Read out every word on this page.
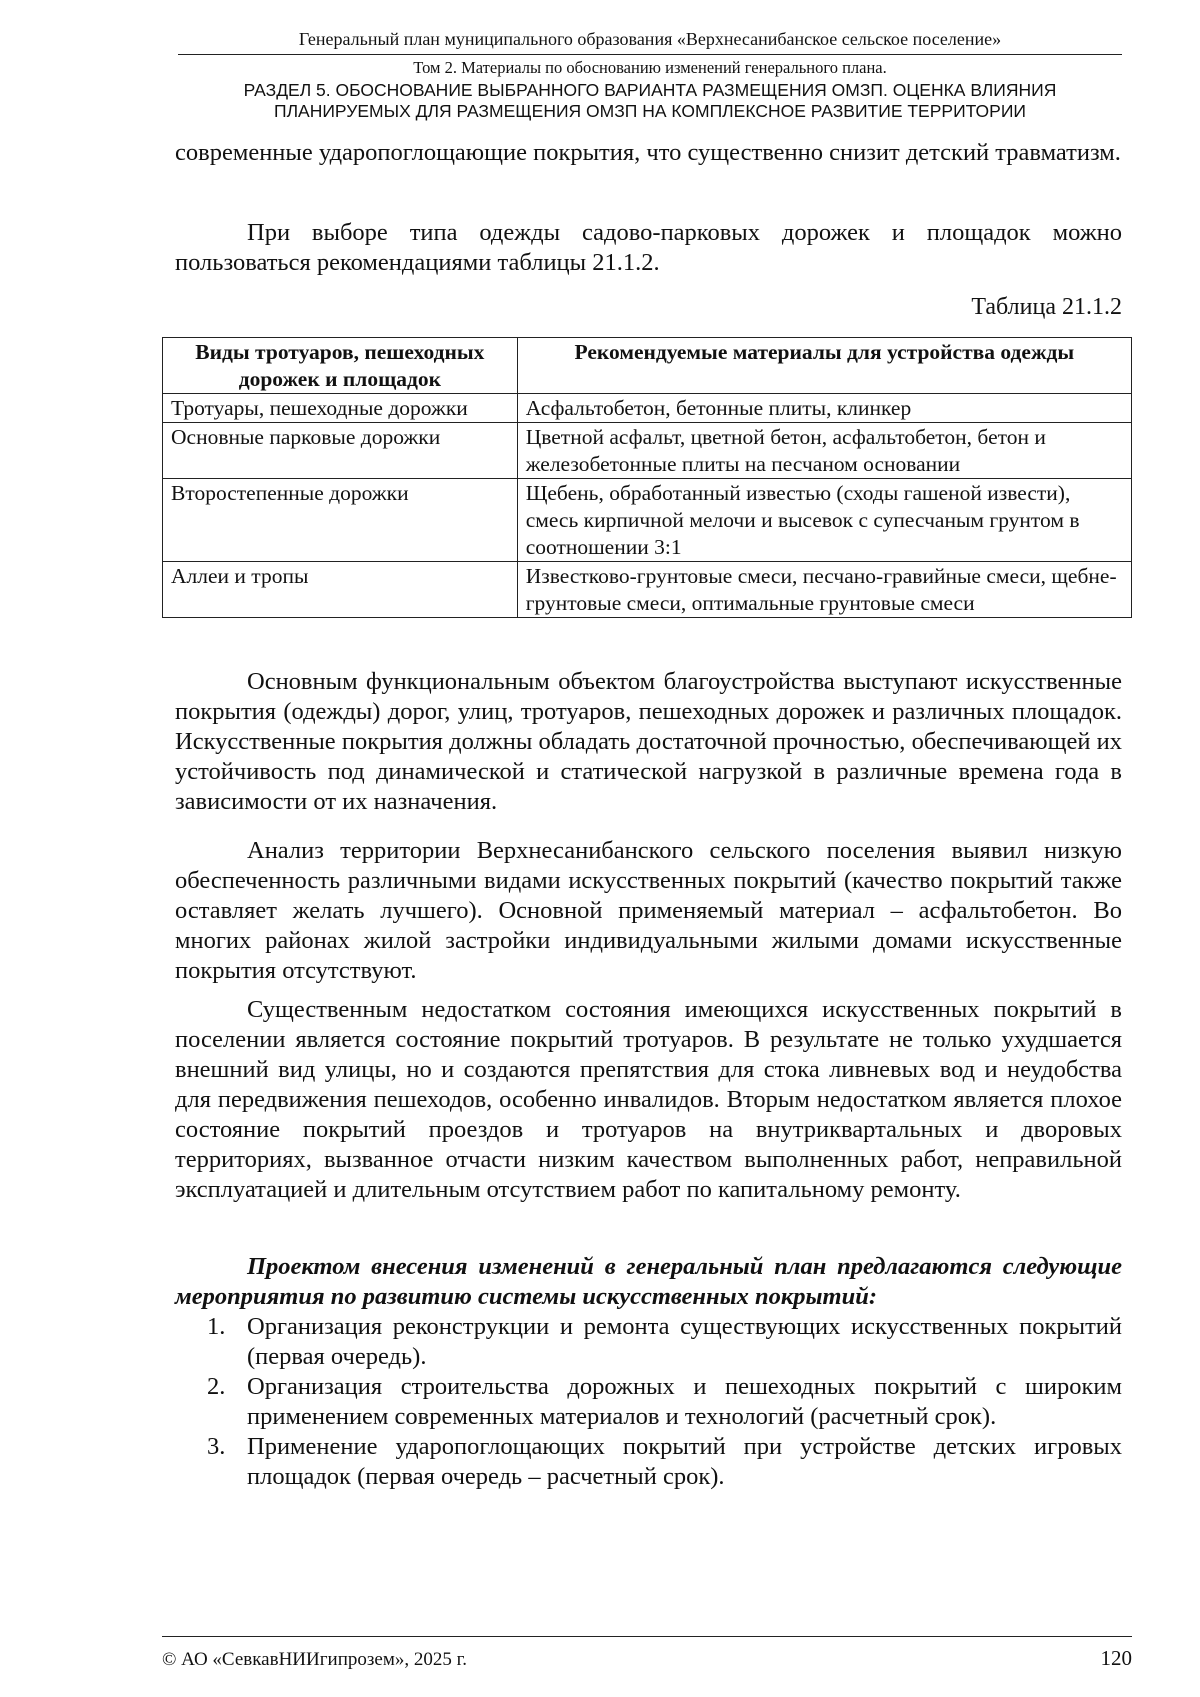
Генеральный план муниципального образования «Верхнесанибанское сельское поселение»
Том 2. Материалы по обоснованию изменений генерального плана.
РАЗДЕЛ 5. ОБОСНОВАНИЕ ВЫБРАННОГО ВАРИАНТА РАЗМЕЩЕНИЯ ОМЗП. ОЦЕНКА ВЛИЯНИЯ
ПЛАНИРУЕМЫХ ДЛЯ РАЗМЕЩЕНИЯ ОМЗП НА КОМПЛЕКСНОЕ РАЗВИТИЕ ТЕРРИТОРИИ

современные ударопоглощающие покрытия, что существенно снизит детский травматизм.

При выборе типа одежды садово-парковых дорожек и площадок можно пользоваться рекомендациями таблицы 21.1.2.

Таблица 21.1.2
Виды тротуаров, пешеходных дорожек и площадок	Рекомендуемые материалы для устройства одежды
Тротуары, пешеходные дорожки	Асфальтобетон, бетонные плиты, клинкер
Основные парковые дорожки	Цветной асфальт, цветной бетон, асфальтобетон, бетон и железобетонные плиты на песчаном основании
Второстепенные дорожки	Щебень, обработанный известью (сходы гашеной извести), смесь кирпичной мелочи и высевок с супесчаным грунтом в соотношении 3:1
Аллеи и тропы	Известково-грунтовые смеси, песчано-гравийные смеси, щебне-грунтовые смеси, оптимальные грунтовые смеси

Основным функциональным объектом благоустройства выступают искусственные покрытия (одежды) дорог, улиц, тротуаров, пешеходных дорожек и различных площадок. Искусственные покрытия должны обладать достаточной прочностью, обеспечивающей их устойчивость под динамической и статической нагрузкой в различные времена года в зависимости от их назначения.

Анализ территории Верхнесанибанского сельского поселения выявил низкую обеспеченность различными видами искусственных покрытий (качество покрытий также оставляет желать лучшего). Основной применяемый материал – асфальтобетон. Во многих районах жилой застройки индивидуальными жилыми домами искусственные покрытия отсутствуют.

Существенным недостатком состояния имеющихся искусственных покрытий в поселении является состояние покрытий тротуаров. В результате не только ухудшается внешний вид улицы, но и создаются препятствия для стока ливневых вод и неудобства для передвижения пешеходов, особенно инвалидов. Вторым недостатком является плохое состояние покрытий проездов и тротуаров на внутриквартальных и дворовых территориях, вызванное отчасти низким качеством выполненных работ, неправильной эксплуатацией и длительным отсутствием работ по капитальному ремонту.

Проектом внесения изменений в генеральный план предлагаются следующие мероприятия по развитию системы искусственных покрытий:

1. Организация реконструкции и ремонта существующих искусственных покрытий (первая очередь).
2. Организация строительства дорожных и пешеходных покрытий с широким применением современных материалов и технологий (расчетный срок).
3. Применение ударопоглощающих покрытий при устройстве детских игровых площадок (первая очередь – расчетный срок).
© АО «СевкавНИИгипрозем», 2025 г.	120
